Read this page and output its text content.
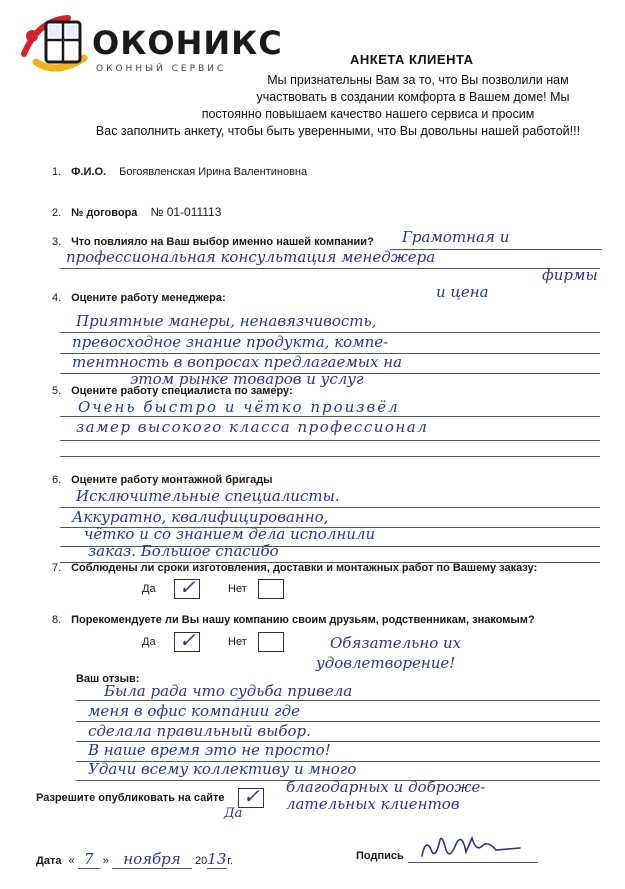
ОКОНИКС
ОКОННЫЙ СЕРВИС
АНКЕТА КЛИЕНТА
Мы признательны Вам за то, что Вы позволили нам
участвовать в создании комфорта в Вашем доме! Мы
постоянно повышаем качество нашего сервиса и просим
Вас заполнить анкету, чтобы быть уверенными, что Вы довольны нашей работой!!!
1. Ф.И.О. Богоявленская Ирина Валентиновна
2. № договора № 01-011113
3. Что повлияло на Ваш выбор именно нашей компании? Грамотная и
профессиональная консультация менеджера
фирмы
и цена
4. Оцените работу менеджера:
Приятные манеры, ненавязчивость,
превосходное знание продукта, компе-
тентность в вопросах предлагаемых на
этом рынке товаров и услуг
5. Оцените работу специалиста по замеру:
Очень быстро и чётко произвёл
замер высокого класса профессионал
6. Оцените работу монтажной бригады
Исключительные специалисты.
Аккуратно, квалифицированно,
чётко и со знанием дела исполнили
заказ. Большое спасибо
7. Соблюдены ли сроки изготовления, доставки и монтажных работ по Вашему заказу:
Да ✓	Нет
8. Порекомендуете ли Вы нашу компанию своим друзьям, родственникам, знакомым?
Да ✓	Нет	Обязательно их
удовлетворение!
Ваш отзыв:
Была рада что судьба привела
меня в офис компании где
сделала правильный выбор.
В наше время это не просто!
Удачи всему коллективу и много
благодарных и доброже-
лательных клиентов
Разрешите опубликовать на сайте ✓
Да
Дата « 7 » ноября 2013г.	Подпись
